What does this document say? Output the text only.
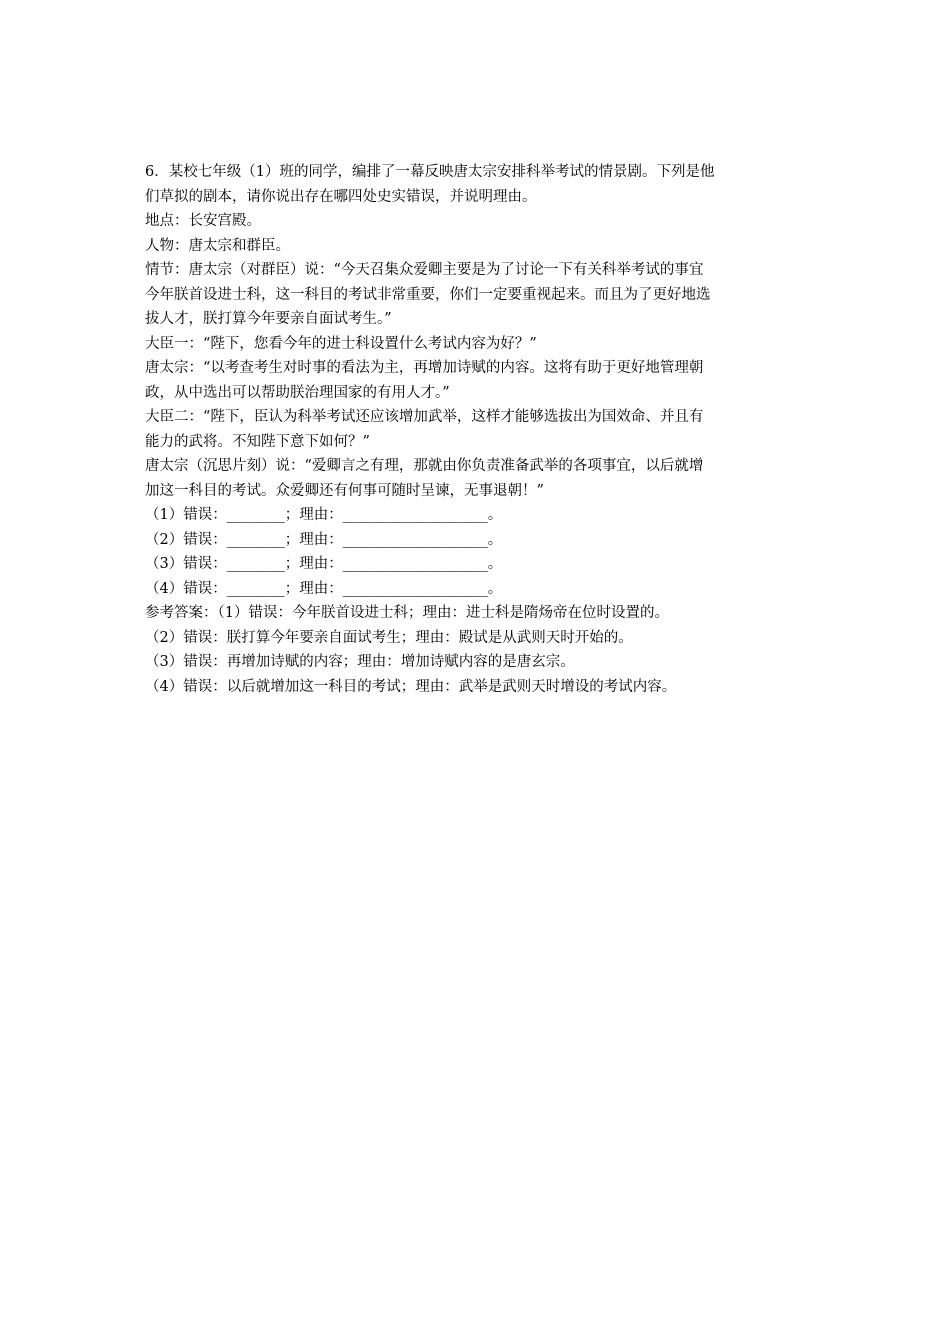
6．某校七年级（1）班的同学，编排了一幕反映唐太宗安排科举考试的情景剧。下列是他
们草拟的剧本，请你说出存在哪四处史实错误，并说明理由。
地点：长安宫殿。
人物：唐太宗和群臣。
情节：唐太宗（对群臣）说：“今天召集众爱卿主要是为了讨论一下有关科举考试的事宜
今年朕首设进士科，这一科目的考试非常重要，你们一定要重视起来。而且为了更好地选
拔人才，朕打算今年要亲自面试考生。”
大臣一：“陛下，您看今年的进士科设置什么考试内容为好？”
唐太宗：“以考查考生对时事的看法为主，再增加诗赋的内容。这将有助于更好地管理朝
政，从中选出可以帮助朕治理国家的有用人才。”
大臣二：“陛下，臣认为科举考试还应该增加武举，这样才能够选拔出为国效命、并且有
能力的武将。不知陛下意下如何？”
唐太宗（沉思片刻）说：“爱卿言之有理，那就由你负责准备武举的各项事宜，以后就增
加这一科目的考试。众爱卿还有何事可随时呈谏，无事退朝！”
（1）错误：________；理由：____________________。
（2）错误：________；理由：____________________。
（3）错误：________；理由：____________________。
（4）错误：________；理由：____________________。
参考答案：（1）错误：今年朕首设进士科；理由：进士科是隋炀帝在位时设置的。
（2）错误：朕打算今年要亲自面试考生；理由：殿试是从武则天时开始的。
（3）错误：再增加诗赋的内容；理由：增加诗赋内容的是唐玄宗。
（4）错误：以后就增加这一科目的考试；理由：武举是武则天时增设的考试内容。
